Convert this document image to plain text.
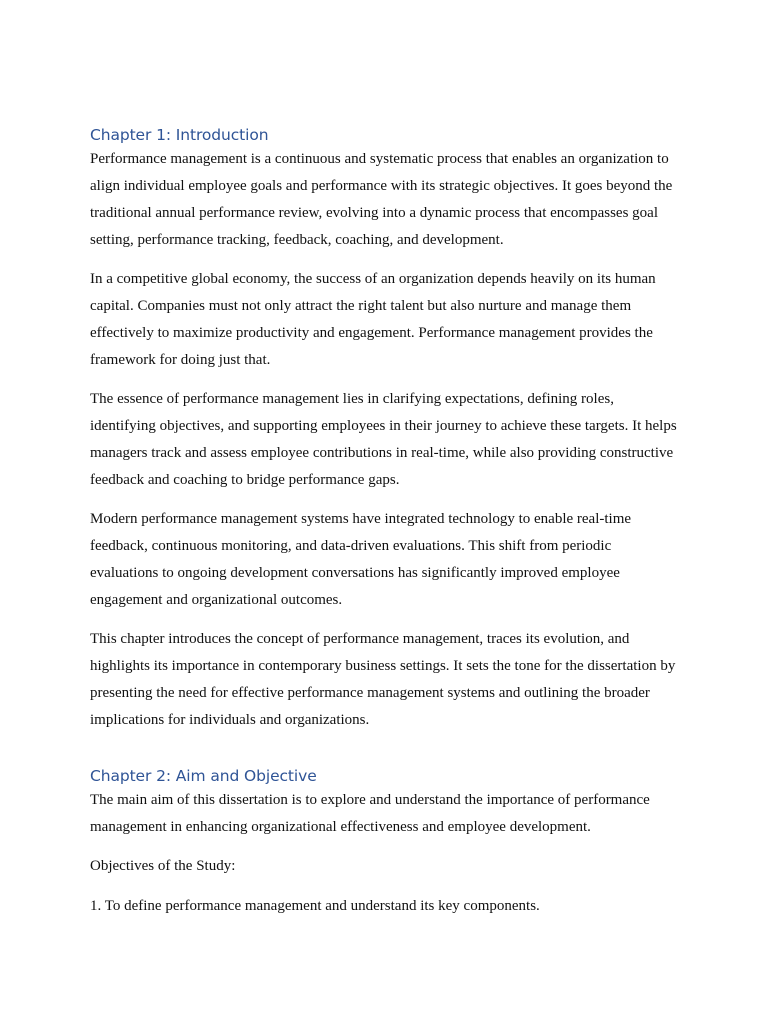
Chapter 1: Introduction

Performance management is a continuous and systematic process that enables an organization to align individual employee goals and performance with its strategic objectives. It goes beyond the traditional annual performance review, evolving into a dynamic process that encompasses goal setting, performance tracking, feedback, coaching, and development.

In a competitive global economy, the success of an organization depends heavily on its human capital. Companies must not only attract the right talent but also nurture and manage them effectively to maximize productivity and engagement. Performance management provides the framework for doing just that.

The essence of performance management lies in clarifying expectations, defining roles, identifying objectives, and supporting employees in their journey to achieve these targets. It helps managers track and assess employee contributions in real-time, while also providing constructive feedback and coaching to bridge performance gaps.

Modern performance management systems have integrated technology to enable real-time feedback, continuous monitoring, and data-driven evaluations. This shift from periodic evaluations to ongoing development conversations has significantly improved employee engagement and organizational outcomes.

This chapter introduces the concept of performance management, traces its evolution, and highlights its importance in contemporary business settings. It sets the tone for the dissertation by presenting the need for effective performance management systems and outlining the broader implications for individuals and organizations.

Chapter 2: Aim and Objective

The main aim of this dissertation is to explore and understand the importance of performance management in enhancing organizational effectiveness and employee development.

Objectives of the Study:

1. To define performance management and understand its key components.
